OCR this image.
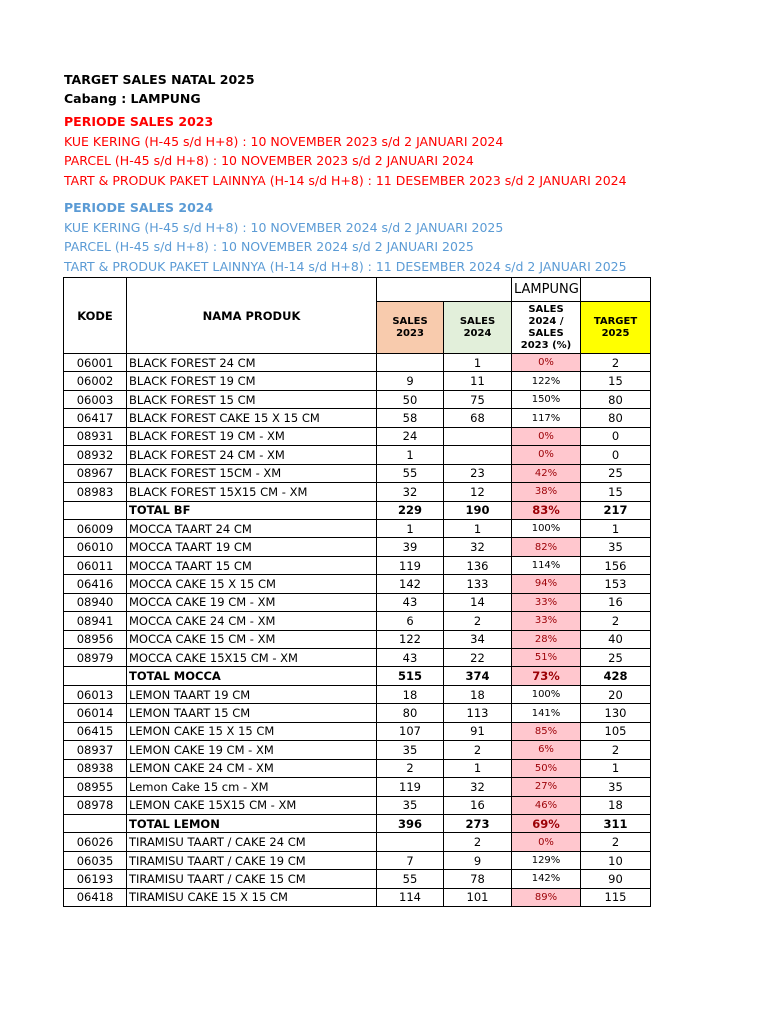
TARGET SALES NATAL 2025
Cabang : LAMPUNG
PERIODE SALES 2023
KUE KERING (H-45 s/d H+8) : 10 NOVEMBER 2023 s/d 2 JANUARI 2024
PARCEL (H-45 s/d H+8) : 10 NOVEMBER 2023 s/d 2 JANUARI 2024
TART & PRODUK PAKET LAINNYA (H-14 s/d H+8) : 11 DESEMBER 2023 s/d 2 JANUARI 2024
PERIODE SALES 2024
KUE KERING (H-45 s/d H+8) : 10 NOVEMBER 2024 s/d 2 JANUARI 2025
PARCEL (H-45 s/d H+8) : 10 NOVEMBER 2024 s/d 2 JANUARI 2025
TART & PRODUK PAKET LAINNYA (H-14 s/d H+8) : 11 DESEMBER 2024 s/d 2 JANUARI 2025
KODE	NAMA PRODUK			LAMPUNG	
		SALES 2023	SALES 2024	SALES 2024 / SALES 2023 (%)	TARGET 2025
06001	BLACK FOREST 24 CM		1	0%	2
06002	BLACK FOREST 19 CM	9	11	122%	15
06003	BLACK FOREST 15 CM	50	75	150%	80
06417	BLACK FOREST CAKE 15 X 15 CM	58	68	117%	80
08931	BLACK FOREST 19 CM - XM	24		0%	0
08932	BLACK FOREST 24 CM - XM	1		0%	0
08967	BLACK FOREST 15CM - XM	55	23	42%	25
08983	BLACK FOREST 15X15 CM - XM	32	12	38%	15
	TOTAL BF	229	190	83%	217
06009	MOCCA TAART 24 CM	1	1	100%	1
06010	MOCCA TAART 19 CM	39	32	82%	35
06011	MOCCA TAART 15 CM	119	136	114%	156
06416	MOCCA CAKE 15 X 15 CM	142	133	94%	153
08940	MOCCA CAKE 19 CM - XM	43	14	33%	16
08941	MOCCA CAKE 24 CM - XM	6	2	33%	2
08956	MOCCA CAKE 15 CM - XM	122	34	28%	40
08979	MOCCA CAKE 15X15 CM - XM	43	22	51%	25
	TOTAL MOCCA	515	374	73%	428
06013	LEMON TAART 19 CM	18	18	100%	20
06014	LEMON TAART 15 CM	80	113	141%	130
06415	LEMON CAKE 15 X 15 CM	107	91	85%	105
08937	LEMON CAKE 19 CM - XM	35	2	6%	2
08938	LEMON CAKE 24 CM - XM	2	1	50%	1
08955	Lemon Cake 15 cm - XM	119	32	27%	35
08978	LEMON CAKE 15X15 CM - XM	35	16	46%	18
	TOTAL LEMON	396	273	69%	311
06026	TIRAMISU TAART / CAKE 24 CM		2	0%	2
06035	TIRAMISU TAART / CAKE 19 CM	7	9	129%	10
06193	TIRAMISU TAART / CAKE 15 CM	55	78	142%	90
06418	TIRAMISU CAKE 15 X 15 CM	114	101	89%	115
